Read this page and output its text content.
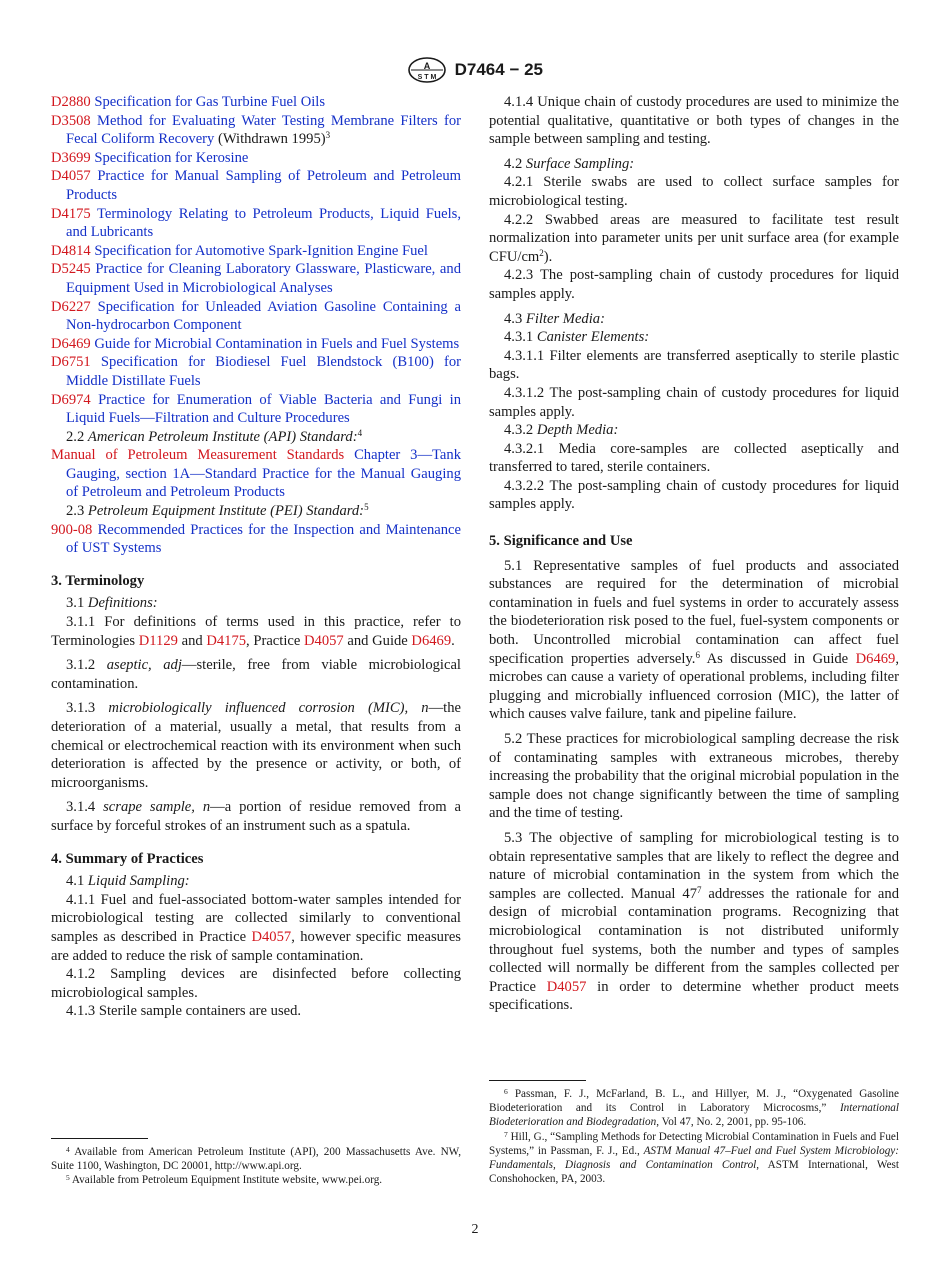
A
S T M D7464 − 25

D2880 Specification for Gas Turbine Fuel Oils

D3508 Method for Evaluating Water Testing Membrane Filters for Fecal Coliform Recovery (Withdrawn 1995)$^3$

D3699 Specification for Kerosine

D4057 Practice for Manual Sampling of Petroleum and Petroleum Products

D4175 Terminology Relating to Petroleum Products, Liquid Fuels, and Lubricants

D4814 Specification for Automotive Spark-Ignition Engine Fuel

D5245 Practice for Cleaning Laboratory Glassware, Plasticware, and Equipment Used in Microbiological Analyses

D6227 Specification for Unleaded Aviation Gasoline Containing a Non-hydrocarbon Component

D6469 Guide for Microbial Contamination in Fuels and Fuel Systems

D6751 Specification for Biodiesel Fuel Blendstock (B100) for Middle Distillate Fuels

D6974 Practice for Enumeration of Viable Bacteria and Fungi in Liquid Fuels—Filtration and Culture Procedures

2.2 American Petroleum Institute (API) Standard:$^4$

Manual of Petroleum Measurement Standards Chapter 3—Tank Gauging, section 1A—Standard Practice for the Manual Gauging of Petroleum and Petroleum Products

2.3 Petroleum Equipment Institute (PEI) Standard:$^5$

900-08 Recommended Practices for the Inspection and Maintenance of UST Systems

3. Terminology

3.1 Definitions:

3.1.1 For definitions of terms used in this practice, refer to Terminologies D1129 and D4175, Practice D4057 and Guide D6469.

3.1.2 aseptic, adj—sterile, free from viable microbiological contamination.

3.1.3 microbiologically influenced corrosion (MIC), n—the deterioration of a material, usually a metal, that results from a chemical or electrochemical reaction with its environment when such deterioration is affected by the presence or activity, or both, of microorganisms.

3.1.4 scrape sample, n—a portion of residue removed from a surface by forceful strokes of an instrument such as a spatula.

4. Summary of Practices

4.1 Liquid Sampling:

4.1.1 Fuel and fuel-associated bottom-water samples intended for microbiological testing are collected similarly to conventional samples as described in Practice D4057, however specific measures are added to reduce the risk of sample contamination.

4.1.2 Sampling devices are disinfected before collecting microbiological samples.

4.1.3 Sterile sample containers are used.

$^4$ Available from American Petroleum Institute (API), 200 Massachusetts Ave. NW, Suite 1100, Washington, DC 20001, http://www.api.org.

$^5$ Available from Petroleum Equipment Institute website, www.pei.org.

4.1.4 Unique chain of custody procedures are used to minimize the potential qualitative, quantitative or both types of changes in the sample between sampling and testing.

4.2 Surface Sampling:

4.2.1 Sterile swabs are used to collect surface samples for microbiological testing.

4.2.2 Swabbed areas are measured to facilitate test result normalization into parameter units per unit surface area (for example CFU/$cm^2$).

4.2.3 The post-sampling chain of custody procedures for liquid samples apply.

4.3 Filter Media:

4.3.1 Canister Elements:

4.3.1.1 Filter elements are transferred aseptically to sterile plastic bags.

4.3.1.2 The post-sampling chain of custody procedures for liquid samples apply.

4.3.2 Depth Media:

4.3.2.1 Media core-samples are collected aseptically and transferred to tared, sterile containers.

4.3.2.2 The post-sampling chain of custody procedures for liquid samples apply.

5. Significance and Use

5.1 Representative samples of fuel products and associated substances are required for the determination of microbial contamination in fuels and fuel systems in order to accurately assess the biodeterioration risk posed to the fuel, fuel-system components or both. Uncontrolled microbial contamination can affect fuel specification properties adversely.$^6$ As discussed in Guide D6469, microbes can cause a variety of operational problems, including filter plugging and microbially influenced corrosion (MIC), the latter of which causes valve failure, tank and pipeline failure.

5.2 These practices for microbiological sampling decrease the risk of contaminating samples with extraneous microbes, thereby increasing the probability that the original microbial population in the sample does not change significantly between the time of sampling and the time of testing.

5.3 The objective of sampling for microbiological testing is to obtain representative samples that are likely to reflect the degree and nature of microbial contamination in the system from which the samples are collected. Manual $47^7$ addresses the rationale for and design of microbial contamination programs. Recognizing that microbiological contamination is not distributed uniformly throughout fuel systems, both the number and types of samples collected will normally be different from the samples collected per Practice D4057 in order to determine whether product meets specifications.

$^6$ Passman, F. J., McFarland, B. L., and Hillyer, M. J., “Oxygenated Gasoline Biodeterioration and its Control in Laboratory Microcosms,” International Biodeterioration and Biodegradation, Vol 47, No. 2, 2001, pp. 95-106.

$^7$ Hill, G., “Sampling Methods for Detecting Microbial Contamination in Fuels and Fuel Systems,” in Passman, F. J., Ed., ASTM Manual 47–Fuel and Fuel System Microbiology: Fundamentals, Diagnosis and Contamination Control, ASTM International, West Conshohocken, PA, 2003.

2
